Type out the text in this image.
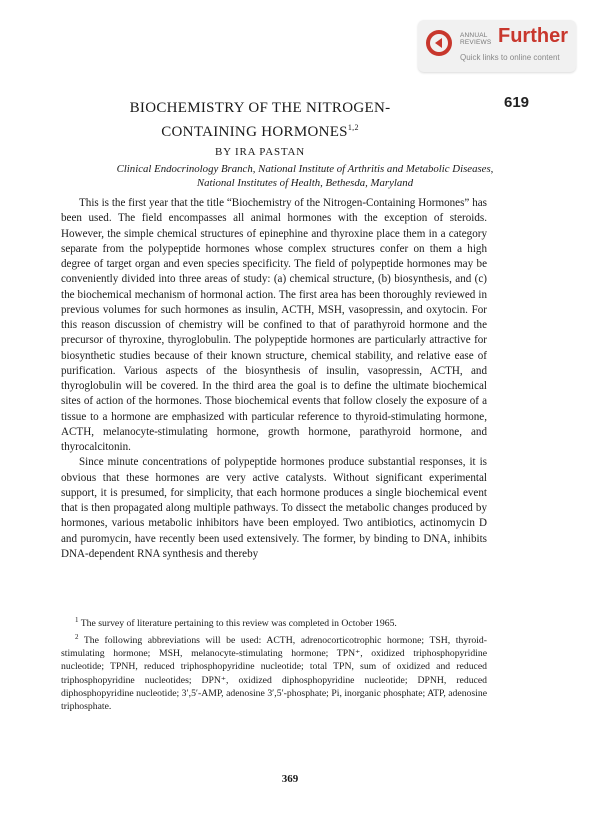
ANNUAL
REVIEWS Further
Quick links to online content
619
BIOCHEMISTRY OF THE NITROGEN-
CONTAINING HORMONES$^{1,2}$
BY IRA PASTAN
Clinical Endocrinology Branch, National Institute of Arthritis and Metabolic Diseases,
National Institutes of Health, Bethesda, Maryland

This is the first year that the title “Biochemistry of the Nitrogen-Containing Hormones” has been used. The field encompasses all animal hormones with the exception of steroids. However, the simple chemical structures of epinephine and thyroxine place them in a category separate from the polypeptide hormones whose complex structures confer on them a high degree of target organ and even species specificity. The field of polypeptide hormones may be conveniently divided into three areas of study: (a) chemical structure, (b) biosynthesis, and (c) the biochemical mechanism of hormonal action. The first area has been thoroughly reviewed in previous volumes for such hormones as insulin, ACTH, MSH, vasopressin, and oxytocin. For this reason discussion of chemistry will be confined to that of parathyroid hormone and the precursor of thyroxine, thyroglobulin. The polypeptide hormones are particularly attractive for biosynthetic studies because of their known structure, chemical stability, and relative ease of purification. Various aspects of the biosynthesis of insulin, vasopressin, ACTH, and thyroglobulin will be covered. In the third area the goal is to define the ultimate biochemical sites of action of the hormones. Those biochemical events that follow closely the exposure of a tissue to a hormone are emphasized with particular reference to thyroid-stimulating hormone, ACTH, melanocyte-stimulating hormone, growth hormone, parathyroid hormone, and thyrocalcitonin.

Since minute concentrations of polypeptide hormones produce substantial responses, it is obvious that these hormones are very active catalysts. Without significant experimental support, it is presumed, for simplicity, that each hormone produces a single biochemical event that is then propagated along multiple pathways. To dissect the metabolic changes produced by hormones, various metabolic inhibitors have been employed. Two antibiotics, actinomycin D and puromycin, have recently been used extensively. The former, by binding to DNA, inhibits DNA-dependent RNA synthesis and thereby

$^1$ The survey of literature pertaining to this review was completed in October 1965.

$^2$ The following abbreviations will be used: ACTH, adrenocorticotrophic hormone; TSH, thyroid-stimulating hormone; MSH, melanocyte-stimulating hormone; TPN⁺, oxidized triphosphopyridine nucleotide; TPNH, reduced triphosphopyridine nucleotide; total TPN, sum of oxidized and reduced triphosphopyridine nucleotides; DPN⁺, oxidized diphosphopyridine nucleotide; DPNH, reduced diphosphopyridine nucleotide; 3′,5′-AMP, adenosine 3′,5′-phosphate; Pi, inorganic phosphate; ATP, adenosine triphosphate.

369
